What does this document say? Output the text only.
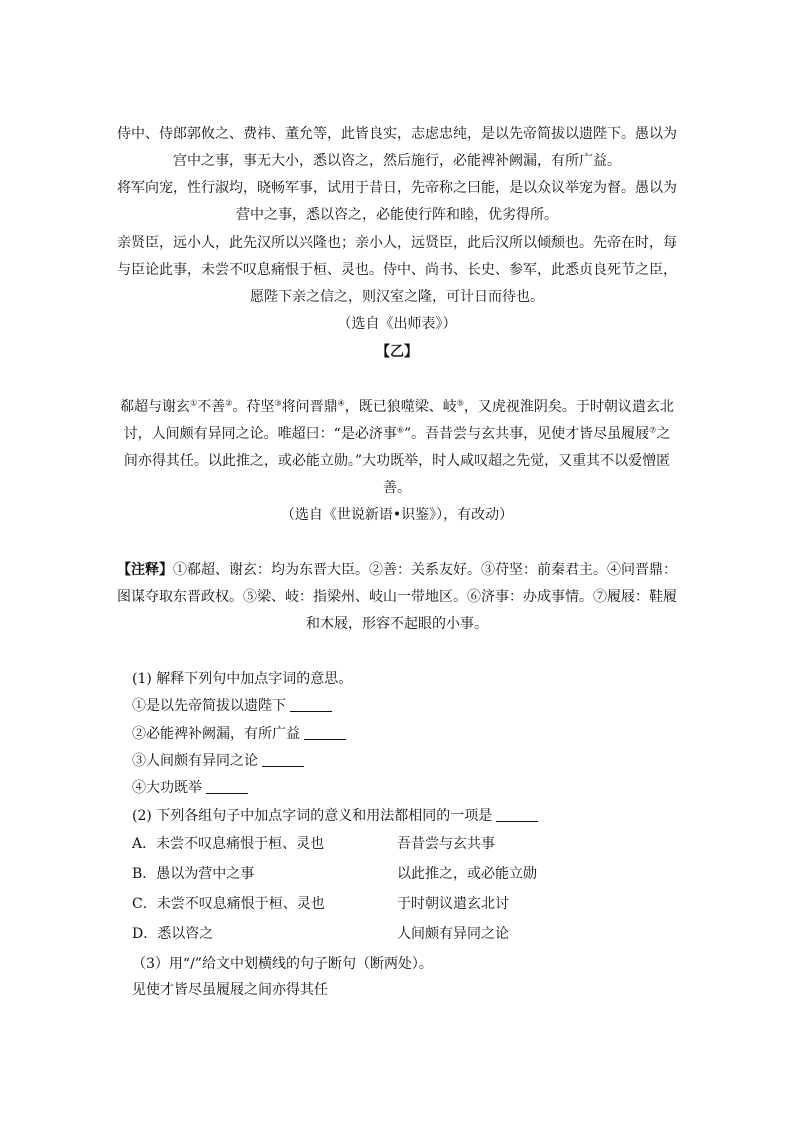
侍中、侍郎郭攸之、费祎、董允等，此皆良实，志虑忠纯，是以先帝简拔以遗陛下。愚以为
宫中之事，事无大小，悉以咨之，然后施行，必能裨补阙漏，有所广益。
将军向宠，性行淑均，晓畅军事，试用于昔日，先帝称之曰能，是以众议举宠为督。愚以为
营中之事，悉以咨之，必能使行阵和睦，优劣得所。
亲贤臣，远小人，此先汉所以兴隆也；亲小人，远贤臣，此后汉所以倾颓也。先帝在时，每
与臣论此事，未尝不叹息痛恨于桓、灵也。侍中、尚书、长史、参军，此悉贞良死节之臣，
愿陛下亲之信之，则汉室之隆，可计日而待也。
（选自《出师表》）
【乙】
郗超与谢玄①不善②。苻坚③将问晋鼎④，既已狼噬梁、岐⑤，又虎视淮阴矣。于时朝议遣玄北
讨，人间颇有异同之论。唯超曰：“是必济事⑥”。吾昔尝与玄共事，见使才皆尽虽履屐⑦之
间亦得其任。以此推之，或必能立勋。”大功既举，时人咸叹超之先觉，又重其不以爱憎匿
善。
（选自《世说新语•识鉴》），有改动）
【注释】①郗超、谢玄：均为东晋大臣。②善：关系友好。③苻坚：前秦君主。④问晋鼎：
图谋夺取东晋政权。⑤梁、岐：指梁州、岐山一带地区。⑥济事：办成事情。⑦履屐：鞋履
和木屐，形容不起眼的小事。
(1) 解释下列句中加点字词的意思。
①是以先帝简拔以遗陛下
②必能裨补阙漏，有所广益
③人间颇有异同之论
④大功既举
(2) 下列各组句子中加点字词的意义和用法都相同的一项是
A．未尝不叹息痛恨于桓、灵也	吾昔尝与玄共事
B．愚以为营中之事	以此推之，或必能立勋
C．未尝不叹息痛恨于桓、灵也	于时朝议遣玄北讨
D．悉以咨之	人间颇有异同之论
（3）用“/”给文中划横线的句子断句（断两处）。
见使才皆尽虽履屐之间亦得其任
